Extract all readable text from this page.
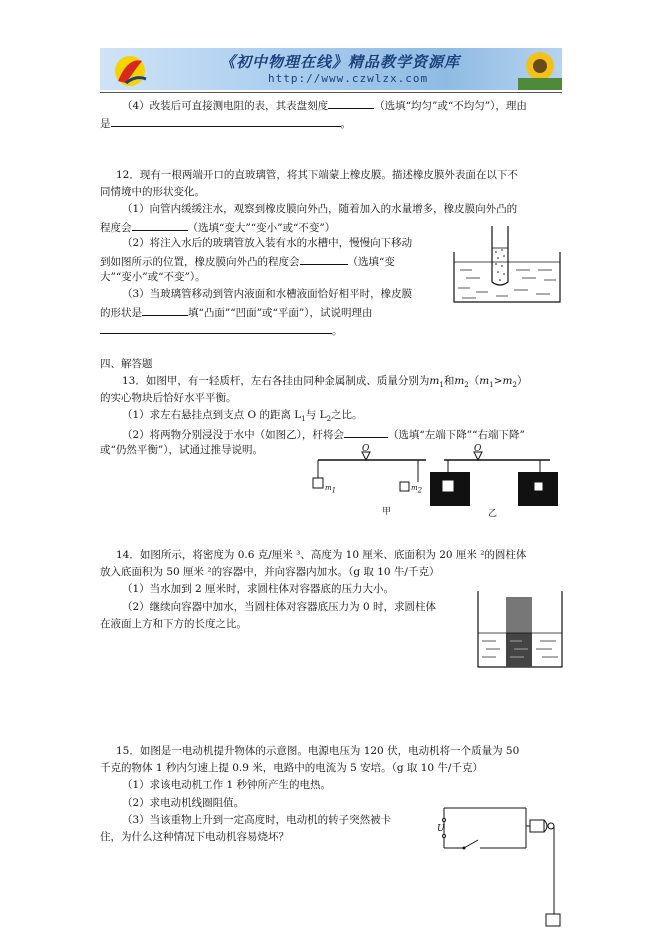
《初中物理在线》精品教学资源库
http://www.czwlzx.com
（4）改装后可直接测电阻的表，其表盘刻度	（选填“均匀”或“不均匀”），理由
是	。
12．现有一根两端开口的直玻璃管，将其下端蒙上橡皮膜。描述橡皮膜外表面在以下不
同情境中的形状变化。
（1）向管内缓缓注水，观察到橡皮膜向外凸，随着加入的水量增多，橡皮膜向外凸的
程度会	（选填“变大”“变小”或“不变”）
（2）将注入水后的玻璃管放入装有水的水槽中，慢慢向下移动
到如图所示的位置，橡皮膜向外凸的程度会	（选填“变
大”“变小”或“不变”）。
（3）当玻璃管移动到管内液面和水槽液面恰好相平时，橡皮膜
的形状是	填“凸面”“凹面”或“平面”），试说明理由
。
四、解答题
13．如图甲，有一轻质杆，左右各挂由同种金属制成、质量分别为$m_1$和$m_2(m_1>m_2)$
的实心物块后恰好水平平衡。
（1）求左右悬挂点到支点 O 的距离 $L_1$与 $L_2$之比。
（2）将两物分别浸没于水中（如图乙），杆将会	（选填“左端下降”“右端下降”
或“仍然平衡”），试通过推导说明。	O	O
$m_1$	$m_2$
甲	乙
14．如图所示，将密度为 0.6 克/厘米 ³、高度为 10 厘米、底面积为 20 厘米 ²的圆柱体
放入底面积为 50 厘米 ²的容器中，并向容器内加水。（g 取 10 牛/千克）
（1）当水加到 2 厘米时，求圆柱体对容器底的压力大小。
（2）继续向容器中加水，当圆柱体对容器底压力为 0 时，求圆柱体
在液面上方和下方的长度之比。
15．如图是一电动机提升物体的示意图。电源电压为 120 伏，电动机将一个质量为 50
千克的物体 1 秒内匀速上提 0.9 米，电路中的电流为 5 安培。（g 取 10 牛/千克）
（1）求该电动机工作 1 秒钟所产生的电热。
（2）求电动机线圈阻值。
（3）当该重物上升到一定高度时，电动机的转子突然被卡
住，为什么这种情况下电动机容易烧坏？
U
